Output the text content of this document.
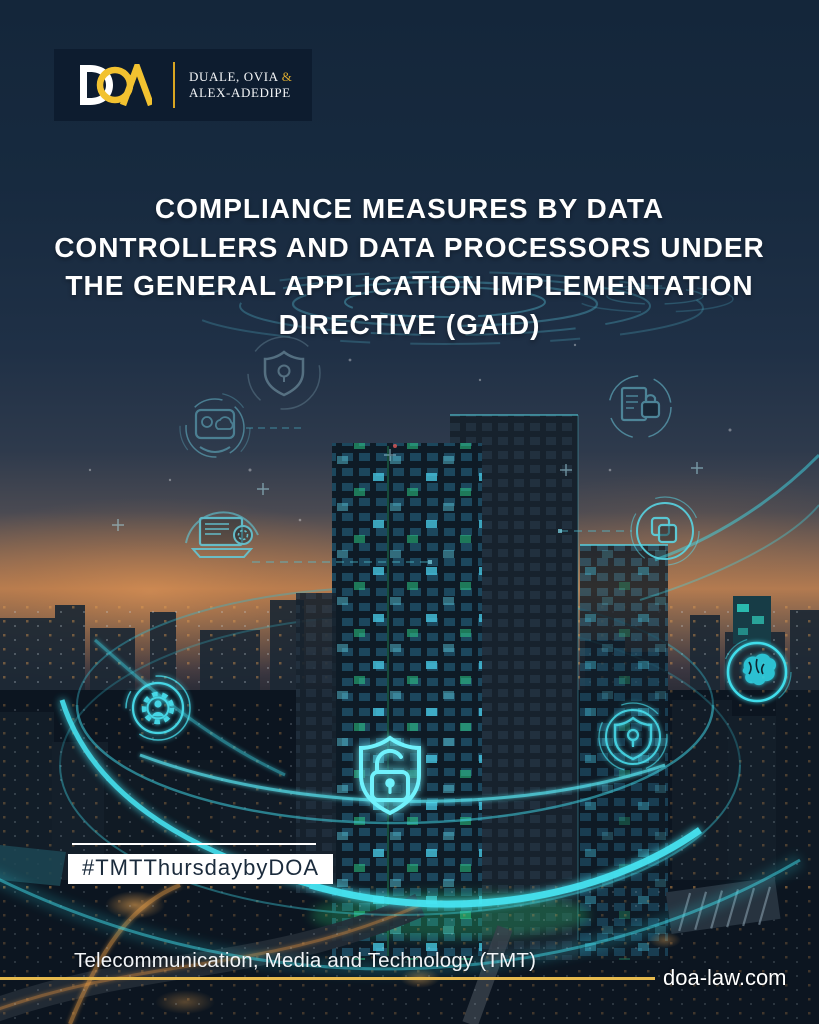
DUALE, OVIA &
ALEX-ADEDIPE
COMPLIANCE MEASURES BY DATA
CONTROLLERS AND DATA PROCESSORS UNDER
THE GENERAL APPLICATION IMPLEMENTATION
DIRECTIVE (GAID)
#TMTThursdaybyDOA
Telecommunication, Media and Technology (TMT)
doa-law.com
